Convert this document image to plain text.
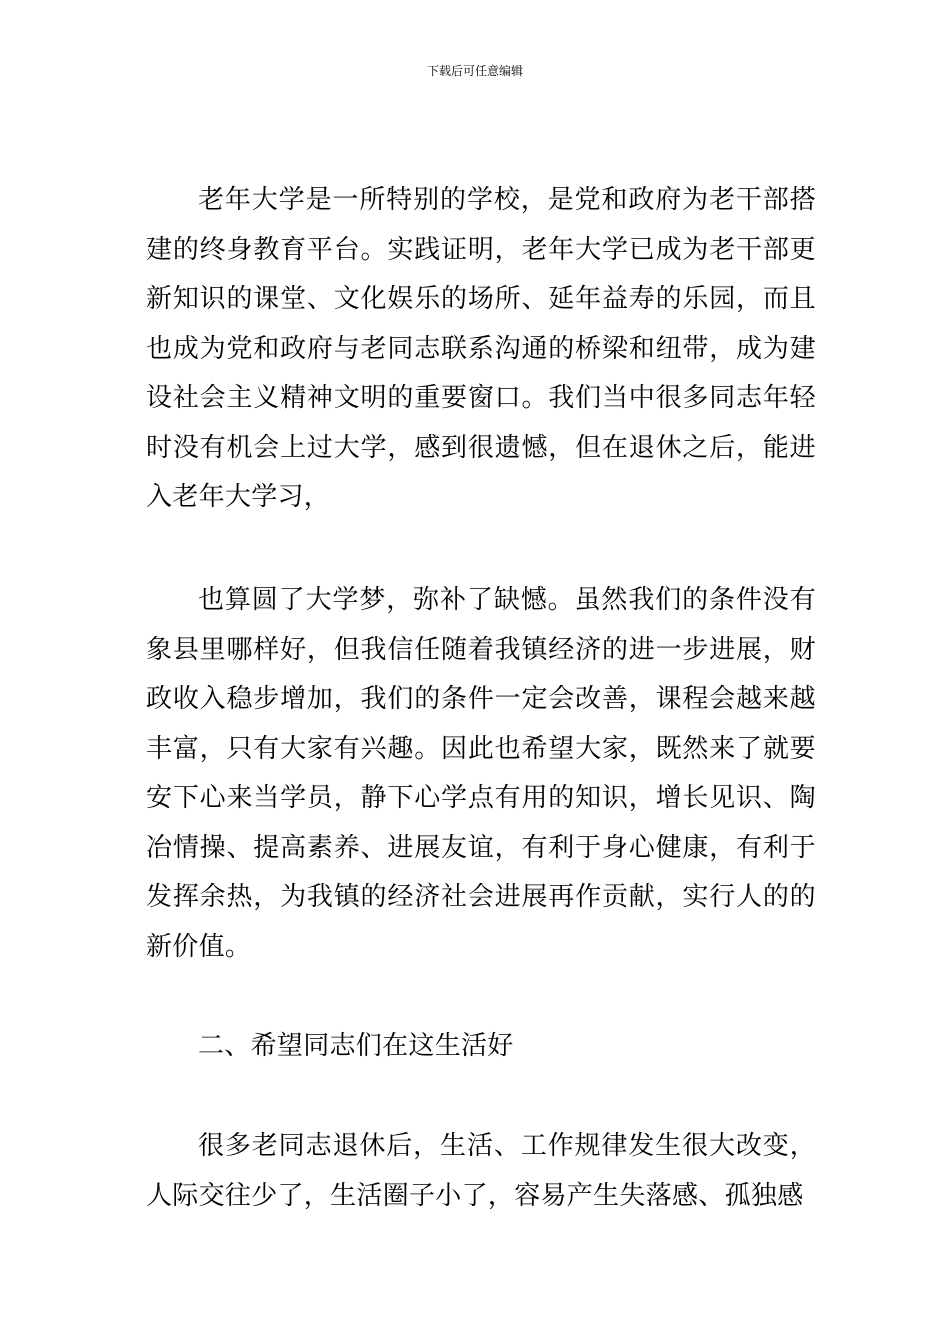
下载后可任意编辑

老年大学是一所特别的学校，是党和政府为老干部搭建的终身教育平台。实践证明，老年大学已成为老干部更新知识的课堂、文化娱乐的场所、延年益寿的乐园，而且也成为党和政府与老同志联系沟通的桥梁和纽带，成为建设社会主义精神文明的重要窗口。我们当中很多同志年轻时没有机会上过大学，感到很遗憾，但在退休之后，能进入老年大学习，

也算圆了大学梦，弥补了缺憾。虽然我们的条件没有象县里哪样好，但我信任随着我镇经济的进一步进展，财政收入稳步增加，我们的条件一定会改善，课程会越来越丰富，只有大家有兴趣。因此也希望大家，既然来了就要安下心来当学员，静下心学点有用的知识，增长见识、陶冶情操、提高素养、进展友谊，有利于身心健康，有利于发挥余热，为我镇的经济社会进展再作贡献，实行人的的新价值。

二、希望同志们在这生活好

很多老同志退休后，生活、工作规律发生很大改变，人际交往少了，生活圈子小了，容易产生失落感、孤独感
